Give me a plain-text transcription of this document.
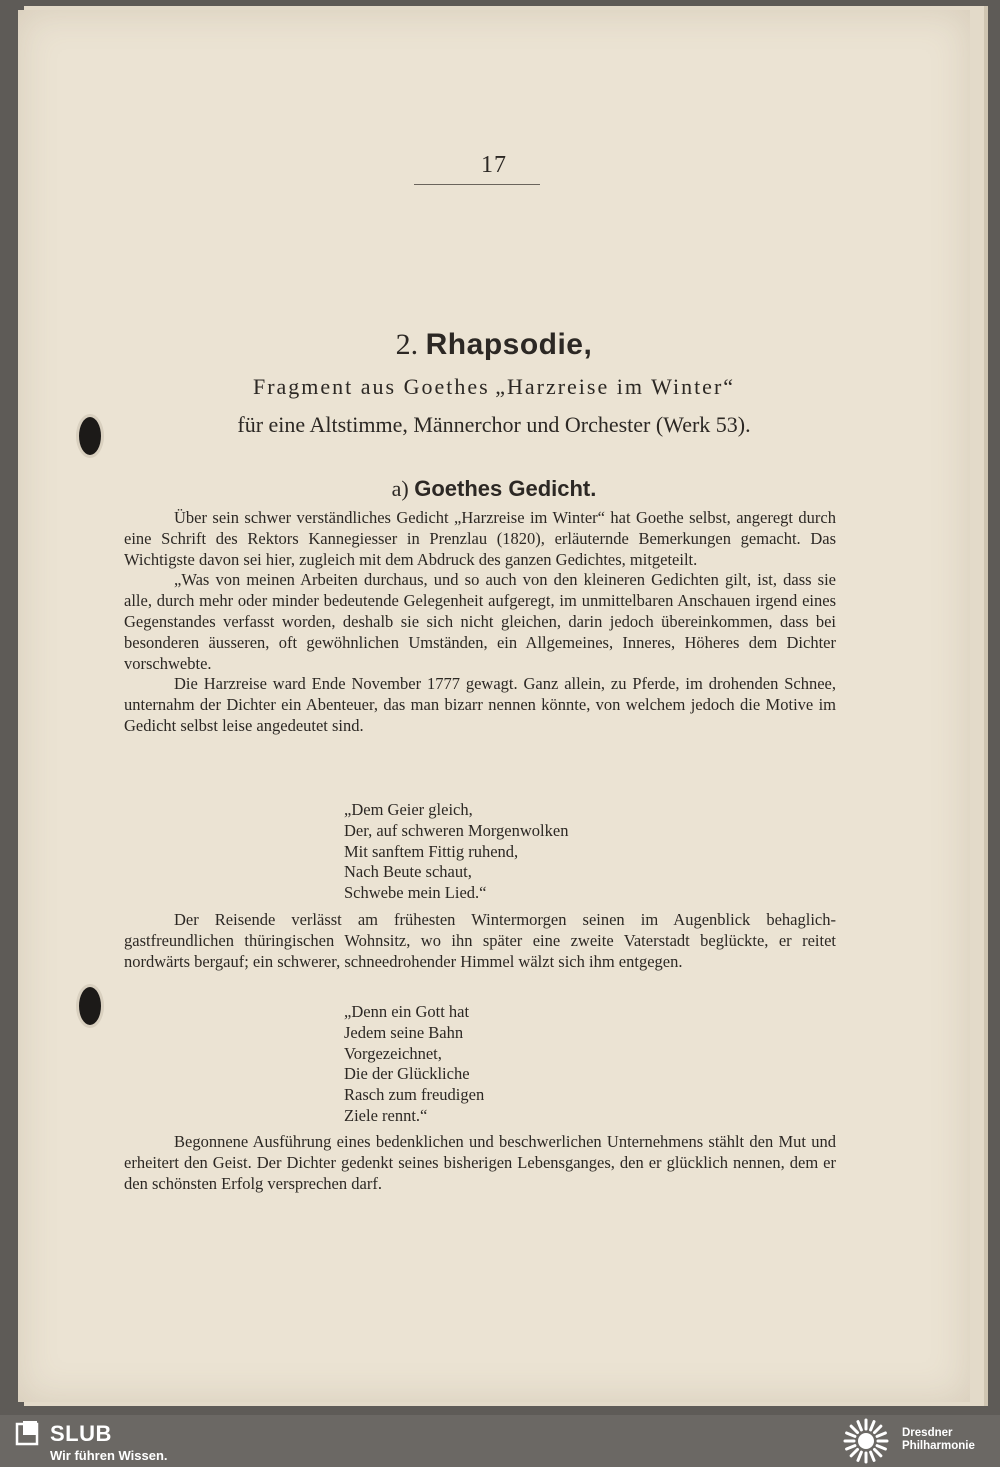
17
2. Rhapsodie,
Fragment aus Goethes „Harzreise im Winter“
für eine Altstimme, Männerchor und Orchester (Werk 53).
a) Goethes Gedicht.

Über sein schwer verständliches Gedicht „Harzreise im Winter“ hat Goethe selbst, angeregt durch eine Schrift des Rektors Kannegiesser in Prenzlau (1820), erläuternde Bemerkungen gemacht. Das Wichtigste davon sei hier, zugleich mit dem Abdruck des ganzen Gedichtes, mitgeteilt.

„Was von meinen Arbeiten durchaus, und so auch von den kleineren Gedichten gilt, ist, dass sie alle, durch mehr oder minder bedeutende Gelegenheit aufgeregt, im unmittelbaren Anschauen irgend eines Gegenstandes verfasst worden, deshalb sie sich nicht gleichen, darin jedoch übereinkommen, dass bei besonderen äusseren, oft gewöhnlichen Umständen, ein Allgemeines, Inneres, Höheres dem Dichter vorschwebte.

Die Harzreise ward Ende November 1777 gewagt. Ganz allein, zu Pferde, im drohenden Schnee, unternahm der Dichter ein Abenteuer, das man bizarr nennen könnte, von welchem jedoch die Motive im Gedicht selbst leise angedeutet sind.

„Dem Geier gleich,
Der, auf schweren Morgenwolken
Mit sanftem Fittig ruhend,
Nach Beute schaut,
Schwebe mein Lied.“

Der Reisende verlässt am frühesten Wintermorgen seinen im Augenblick behaglich-gastfreundlichen thüringischen Wohnsitz, wo ihn später eine zweite Vaterstadt beglückte, er reitet nordwärts bergauf; ein schwerer, schneedrohender Himmel wälzt sich ihm entgegen.

„Denn ein Gott hat
Jedem seine Bahn
Vorgezeichnet,
Die der Glückliche
Rasch zum freudigen
Ziele rennt.“

Begonnene Ausführung eines bedenklichen und beschwerlichen Unternehmens stählt den Mut und erheitert den Geist. Der Dichter gedenkt seines bisherigen Lebensganges, den er glücklich nennen, dem er den schönsten Erfolg versprechen darf.

SLUB
Wir führen Wissen.
Dresdner
Philharmonie
